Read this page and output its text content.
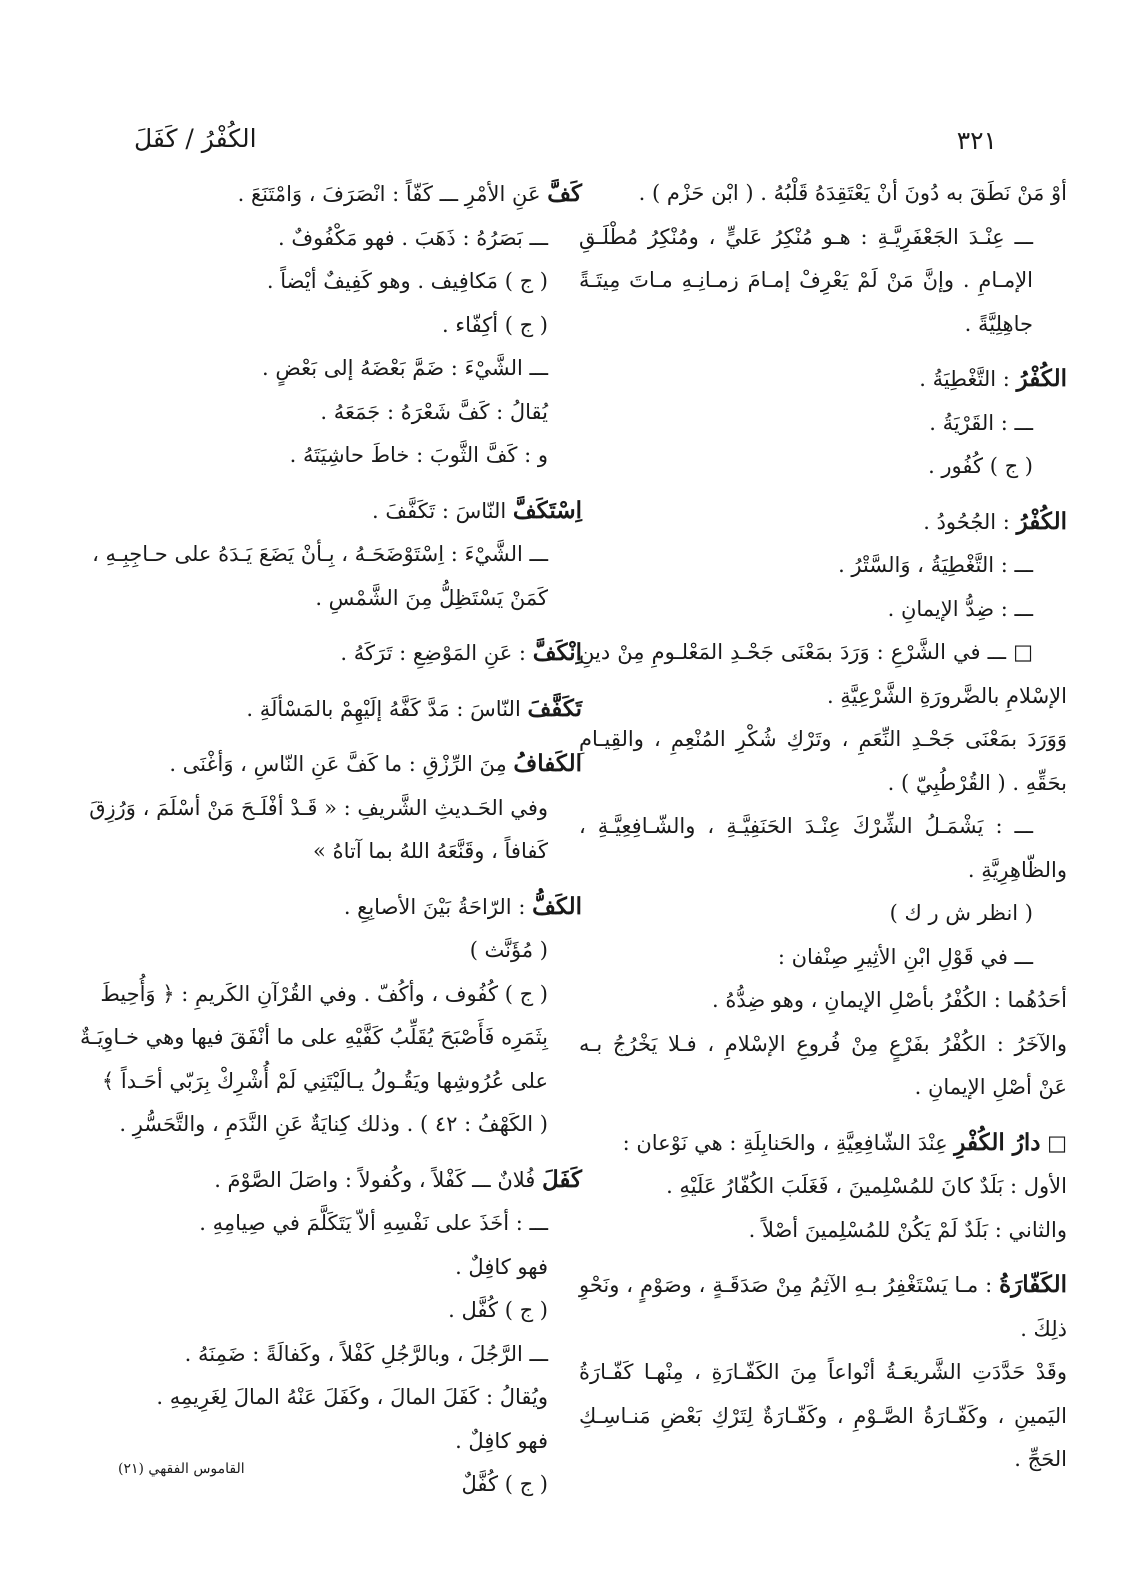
٣٢١
الكُفْرُ / كَفَلَ
أوْ مَنْ نَطَقَ به دُونَ أنْ يَعْتَقِدَهُ قَلْبُهُ . ( ابْن حَزْم ) .
ـــ عِنْـدَ الجَعْفَرِيَّـةِ : هـو مُنْكِرُ عَليٍّ ، ومُنْكِرُ مُطْلَـقِ
الإمـامِ . وإنَّ مَنْ لَمْ يَعْرِفْ إمـامَ زمـانِـهِ مـاتَ مِيتَـةً
جاهِلِيَّةً .
الكُفْرُ : التَّغْطِيَةُ .
ـــ : القَرْيَةُ .
( ج ) كُفُور .
الكُفْرُ : الجُحُودُ .
ـــ : التَّغْطِيَةُ ، وَالسَّتْرُ .
ـــ : ضِدُّ الإيمانِ .
□ ـــ في الشَّرْعِ : وَرَدَ بمَعْنَى جَحْـدِ المَعْلـومِ مِنْ دينِ
الإسْلامِ بالضَّرورَةِ الشَّرْعِيَّةِ .
وَوَرَدَ بمَعْنَى جَحْـدِ النِّعَمِ ، وتَرْكِ شُكْرِ المُنْعِمِ ، والقِيـامِ
بحَقِّهِ . ( القُرْطُبِيّ ) .
ـــ : يَشْمَـلُ الشِّرْكَ عِنْـدَ الحَنَفِيَّـةِ ، والشّـافِعِيَّـةِ ،
والظّاهِرِيَّةِ .
( انظر ش ر ك )
ـــ في قَوْلِ ابْنِ الأثِيرِ صِنْفان :
أحَدُهُما : الكُفْرُ بأصْلِ الإيمانِ ، وهو ضِدُّهُ .
والآخَرُ : الكُفْرُ بفَرْعٍ مِنْ فُروعِ الإسْلامِ ، فـلا يَخْرُجُ بـه
عَنْ أصْلِ الإيمانِ .
□ دارُ الكُفْرِ عِنْدَ الشّافِعِيَّةِ ، والحَنابِلَةِ : هي نَوْعان :
الأول : بَلَدٌ كانَ للمُسْلِمينَ ، فَغَلَبَ الكُفّارُ عَلَيْهِ .
والثاني : بَلَدٌ لَمْ يَكُنْ للمُسْلِمينَ أصْلاً .
الكَفّارَةُ : مـا يَسْتَغْفِرُ بـهِ الآثِمُ مِنْ صَدَقَـةٍ ، وصَوْمٍ ، ونَحْوِ
ذلِكَ .
وقَدْ حَدَّدَتِ الشَّريعَـةُ أنْواعاً مِنَ الكَفّـارَةِ ، مِنْهـا كَفّـارَةُ
اليَمينِ ، وكَفّـارَةُ الصَّـوْمِ ، وكَفّـارَةٌ لِتَرْكِ بَعْضِ مَنـاسِـكِ
الحَجِّ .
كَفَّ عَنِ الأمْرِ ـــ كَفّاً : انْصَرَفَ ، وَامْتَنَعَ .
ـــ بَصَرُهُ : ذَهَبَ . فهو مَكْفُوفٌ .
( ج ) مَكافِيف . وهو كَفِيفٌ أيْضاً .
( ج ) أكِفّاء .
ـــ الشَّيْءَ : ضَمَّ بَعْضَهُ إلى بَعْضٍ .
يُقالُ : كَفَّ شَعْرَهُ : جَمَعَهُ .
و : كَفَّ الثَّوبَ : خاطَ حاشِيَتَهُ .
اِسْتَكَفَّ النّاسَ : تَكَفَّفَ .
ـــ الشَّيْءَ : اِسْتَوْضَحَـهُ ، بِـأنْ يَضَعَ يَـدَهُ على حـاجِبِـهِ ،
كَمَنْ يَسْتَظِلُّ مِنَ الشَّمْسِ .
اِنْكَفَّ : عَنِ المَوْضِعِ : تَرَكَهُ .
تَكَفَّفَ النّاسَ : مَدَّ كَفَّهُ إلَيْهِمْ بالمَسْألَةِ .
الكَفافُ مِنَ الرِّزْقِ : ما كَفَّ عَنِ النّاسِ ، وَأغْنَى .
وفي الحَـديثِ الشَّريفِ : « قَـدْ أفْلَـحَ مَنْ أسْلَمَ ، وَرُزِقَ
كَفافاً ، وقَنَّعَهُ اللهُ بما آتاهُ »
الكَفُّ : الرّاحَةُ بَيْنَ الأصابِعِ .
( مُؤَنَّث )
( ج ) كُفُوف ، وأكُفّ . وفي القُرْآنِ الكَريمِ : ﴿ وَأُحِيطَ
بِثَمَرِه فَأَصْبَحَ يُقَلِّبُ كَفَّيْهِ على ما أنْفَقَ فيها وهي خـاوِيَـةٌ
على عُرُوشِها ويَقُـولُ يـالَيْتَنِي لَمْ أُشْرِكْ بِرَبّي أحَـداً ﴾
( الكَهْفُ : ٤٢ ) . وذلك كِنايَةٌ عَنِ النَّدَمِ ، والتَّحَسُّرِ .
كَفَلَ فُلانٌ ـــ كَفْلاً ، وكُفولاً : واصَلَ الصَّوْمَ .
ـــ : أخَذَ على نَفْسِهِ ألاّ يَتَكَلَّمَ في صِيامِهِ .
فهو كافِلٌ .
( ج ) كُفَّل .
ـــ الرَّجُلَ ، وبالرَّجُلِ كَفْلاً ، وكَفالَةً : ضَمِنَهُ .
ويُقالُ : كَفَلَ المالَ ، وكَفَلَ عَنْهُ المالَ لِغَرِيمِهِ .
فهو كافِلٌ .
( ج ) كُفَّلٌ
القاموس الفقهي (٢١)
